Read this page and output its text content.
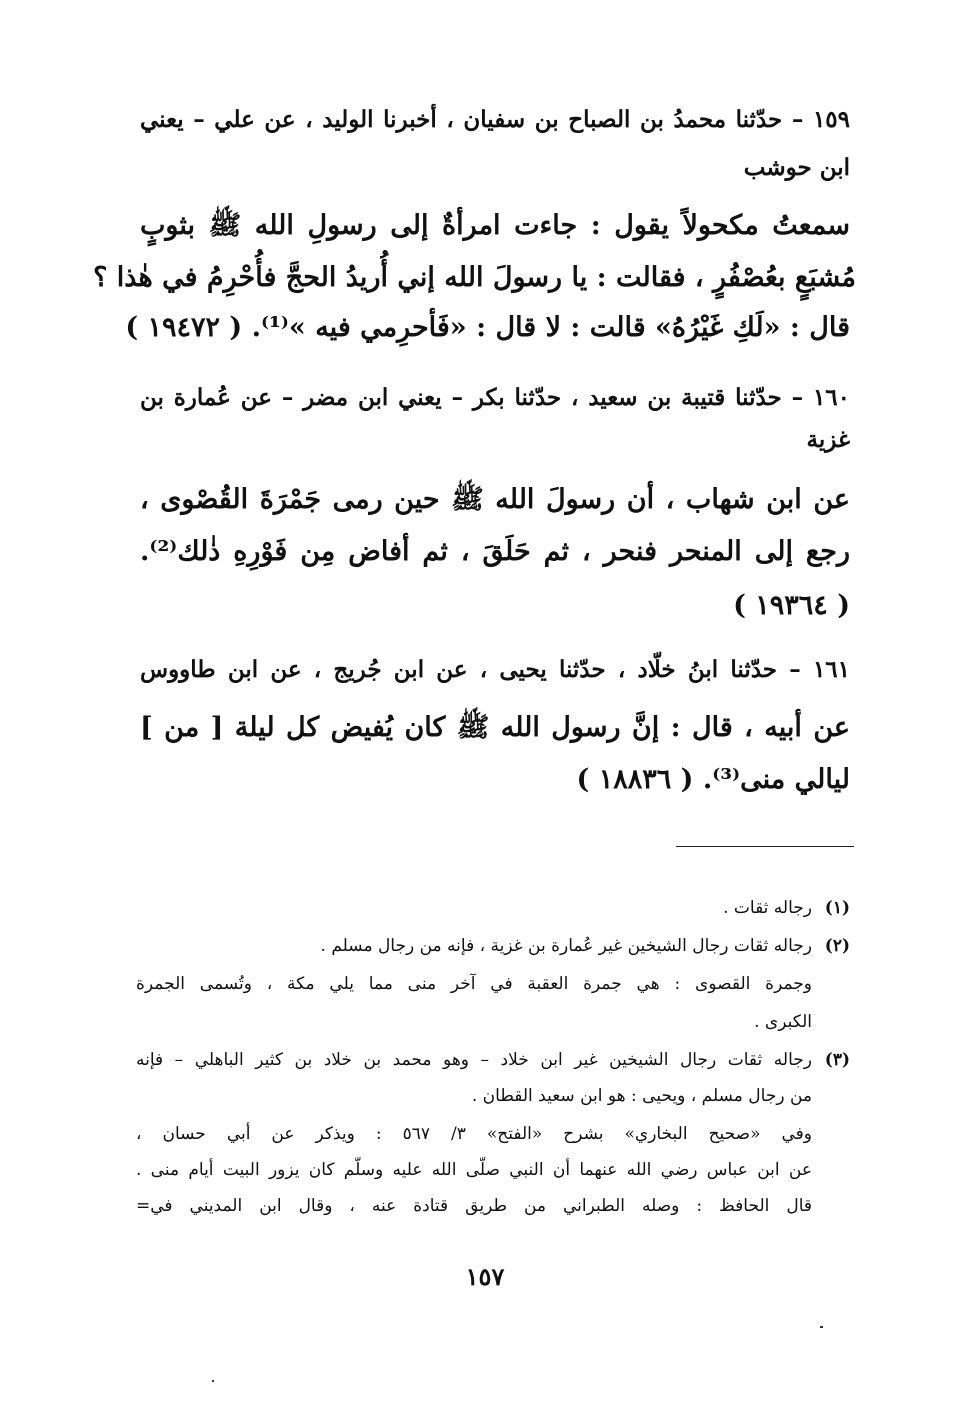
١٥٩ – حدّثنا محمدُ بن الصباح بن سفيان ، أخبرنا الوليد ، عن علي – يعني
ابن حوشب
سمعتُ مكحولاً يقول : جاءت امرأةٌ إلى رسولِ الله ﷺ بثوبٍ
مُشبَعٍ بعُصْفُرٍ ، فقالت : يا رسولَ الله إني أُريدُ الحجَّ فأُحْرِمُ في هٰذا ؟
قال : «لَكِ غَيْرُهُ» قالت : لا قال : «فَأحرِمي فيه »⁽¹⁾. ( ١٩٤٧٢ )
١٦٠ – حدّثنا قتيبة بن سعيد ، حدّثنا بكر – يعني ابن مضر – عن عُمارة بن
غزية
عن ابن شهاب ، أن رسولَ الله ﷺ حين رمى جَمْرَةَ القُصْوى ،
رجع إلى المنحر فنحر ، ثم حَلَقَ ، ثم أفاض مِن فَوْرِهِ ذٰلك⁽²⁾.
( ١٩٣٦٤ )
١٦١ – حدّثنا ابنُ خلّاد ، حدّثنا يحيى ، عن ابن جُريج ، عن ابن طاووس
عن أبيه ، قال : إنَّ رسول الله ﷺ كان يُفيض كل ليلة [ من ]
ليالي منى⁽³⁾. ( ١٨٨٣٦ )
(١)
رجاله ثقات .
(٢)
رجاله ثقات رجال الشيخين غير عُمارة بن غزية ، فإنه من رجال مسلم .
وجمرة القصوى : هي جمرة العقبة في آخر منى مما يلي مكة ، وتُسمى الجمرة
الكبرى .
(٣)
رجاله ثقات رجال الشيخين غير ابن خلاد – وهو محمد بن خلاد بن كثير الباهلي – فإنه
من رجال مسلم ، ويحيى : هو ابن سعيد القطان .
وفي «صحيح البخاري» بشرح «الفتح» ٣/ ٥٦٧ : ويذكر عن أبي حسان ،
عن ابن عباس رضي الله عنهما أن النبي صلّى الله عليه وسلّم كان يزور البيت أيام منى .
قال الحافظ : وصله الطبراني من طريق قتادة عنه ، وقال ابن المديني في=
١٥٧
